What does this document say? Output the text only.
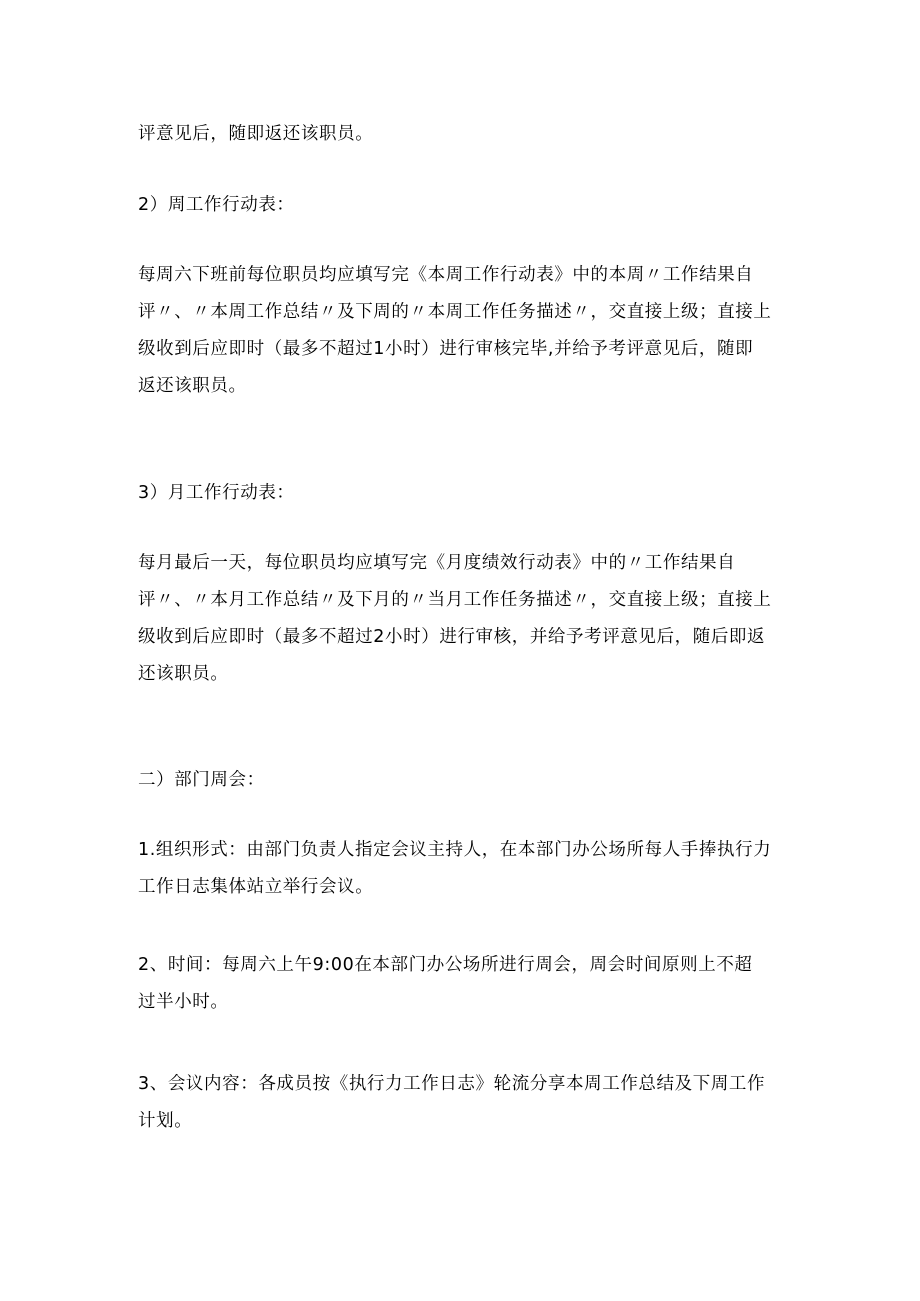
评意见后，随即返还该职员。

2）周工作行动表：

每周六下班前每位职员均应填写完《本周工作行动表》中的本周〃工作结果自
评〃、〃本周工作总结〃及下周的〃本周工作任务描述〃，交直接上级；直接上
级收到后应即时（最多不超过1小时）进行审核完毕,并给予考评意见后，随即
返还该职员。

3）月工作行动表：

每月最后一天，每位职员均应填写完《月度绩效行动表》中的〃工作结果自
评〃、〃本月工作总结〃及下月的〃当月工作任务描述〃，交直接上级；直接上
级收到后应即时（最多不超过2小时）进行审核，并给予考评意见后，随后即返
还该职员。

二）部门周会：

1.组织形式：由部门负责人指定会议主持人，在本部门办公场所每人手捧执行力
工作日志集体站立举行会议。

2、时间：每周六上午9:00在本部门办公场所进行周会，周会时间原则上不超
过半小时。

3、会议内容：各成员按《执行力工作日志》轮流分享本周工作总结及下周工作
计划。
